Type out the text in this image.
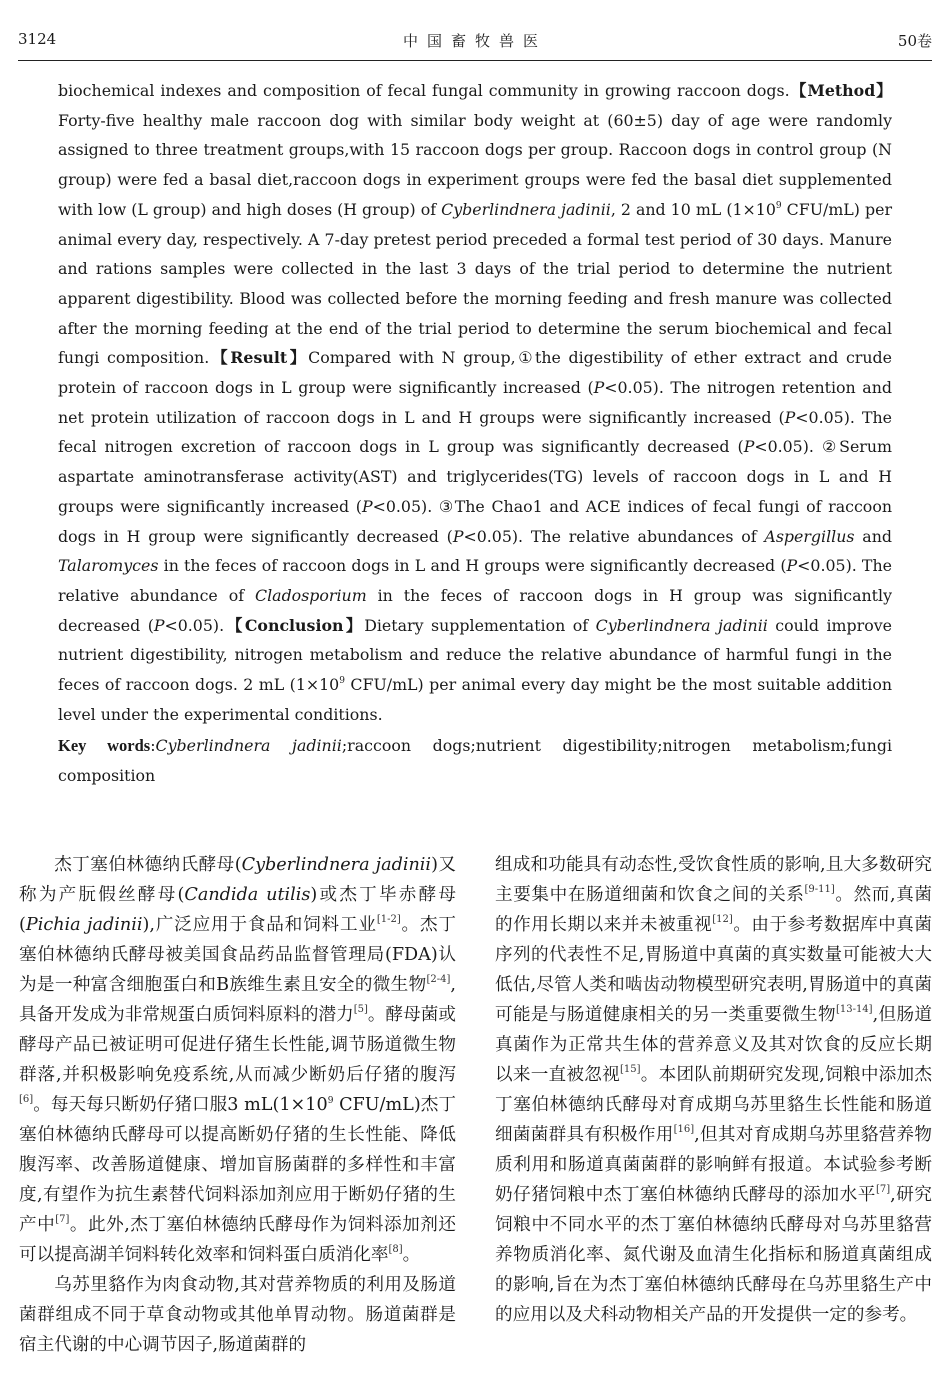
3124	中国畜牧兽医	50卷

biochemical indexes and composition of fecal fungal community in growing raccoon dogs.【Method】Forty-five healthy male raccoon dog with similar body weight at (60±5) day of age were randomly assigned to three treatment groups,with 15 raccoon dogs per group. Raccoon dogs in control group (N group) were fed a basal diet,raccoon dogs in experiment groups were fed the basal diet supplemented with low (L group) and high doses (H group) of Cyberlindnera jadinii, 2 and 10 mL ($1\times 10^9$ CFU/mL) per animal every day, respectively. A 7-day pretest period preceded a formal test period of 30 days. Manure and rations samples were collected in the last 3 days of the trial period to determine the nutrient apparent digestibility. Blood was collected before the morning feeding and fresh manure was collected after the morning feeding at the end of the trial period to determine the serum biochemical and fecal fungi composition.【Result】Compared with N group,①the digestibility of ether extract and crude protein of raccoon dogs in L group were significantly increased (P<0.05). The nitrogen retention and net protein utilization of raccoon dogs in L and H groups were significantly increased (P<0.05). The fecal nitrogen excretion of raccoon dogs in L group was significantly decreased (P<0.05). ②Serum aspartate aminotransferase activity(AST) and triglycerides(TG) levels of raccoon dogs in L and H groups were significantly increased (P<0.05). ③The Chao1 and ACE indices of fecal fungi of raccoon dogs in H group were significantly decreased (P<0.05). The relative abundances of Aspergillus and Talaromyces in the feces of raccoon dogs in L and H groups were significantly decreased (P<0.05). The relative abundance of Cladosporium in the feces of raccoon dogs in H group was significantly decreased (P<0.05).【Conclusion】Dietary supplementation of Cyberlindnera jadinii could improve nutrient digestibility, nitrogen metabolism and reduce the relative abundance of harmful fungi in the feces of raccoon dogs. 2 mL ($1\times 10^9$ CFU/mL) per animal every day might be the most suitable addition level under the experimental conditions.

Key words:Cyberlindnera jadinii;raccoon dogs;nutrient digestibility;nitrogen metabolism;fungi composition

杰丁塞伯林德纳氏酵母(Cyberlindnera jadinii)又称为产朊假丝酵母(Candida utilis)或杰丁毕赤酵母(Pichia jadinii),广泛应用于食品和饲料工业[1-2]。杰丁塞伯林德纳氏酵母被美国食品药品监督管理局(FDA)认为是一种富含细胞蛋白和B族维生素且安全的微生物[2-4],具备开发成为非常规蛋白质饲料原料的潜力[5]。酵母菌或酵母产品已被证明可促进仔猪生长性能,调节肠道微生物群落,并积极影响免疫系统,从而减少断奶后仔猪的腹泻[6]。每天每只断奶仔猪口服3 $mL(1\times 10^9$ CFU/mL)杰丁塞伯林德纳氏酵母可以提高断奶仔猪的生长性能、降低腹泻率、改善肠道健康、增加盲肠菌群的多样性和丰富度,有望作为抗生素替代饲料添加剂应用于断奶仔猪的生产中[7]。此外,杰丁塞伯林德纳氏酵母作为饲料添加剂还可以提高湖羊饲料转化效率和饲料蛋白质消化率[8]。

乌苏里貉作为肉食动物,其对营养物质的利用及肠道菌群组成不同于草食动物或其他单胃动物。肠道菌群是宿主代谢的中心调节因子,肠道菌群的

组成和功能具有动态性,受饮食性质的影响,且大多数研究主要集中在肠道细菌和饮食之间的关系[9-11]。然而,真菌的作用长期以来并未被重视[12]。由于参考数据库中真菌序列的代表性不足,胃肠道中真菌的真实数量可能被大大低估,尽管人类和啮齿动物模型研究表明,胃肠道中的真菌可能是与肠道健康相关的另一类重要微生物[13-14],但肠道真菌作为正常共生体的营养意义及其对饮食的反应长期以来一直被忽视[15]。本团队前期研究发现,饲粮中添加杰丁塞伯林德纳氏酵母对育成期乌苏里貉生长性能和肠道细菌菌群具有积极作用[16],但其对育成期乌苏里貉营养物质利用和肠道真菌菌群的影响鲜有报道。本试验参考断奶仔猪饲粮中杰丁塞伯林德纳氏酵母的添加水平[7],研究饲粮中不同水平的杰丁塞伯林德纳氏酵母对乌苏里貉营养物质消化率、氮代谢及血清生化指标和肠道真菌组成的影响,旨在为杰丁塞伯林德纳氏酵母在乌苏里貉生产中的应用以及犬科动物相关产品的开发提供一定的参考。
